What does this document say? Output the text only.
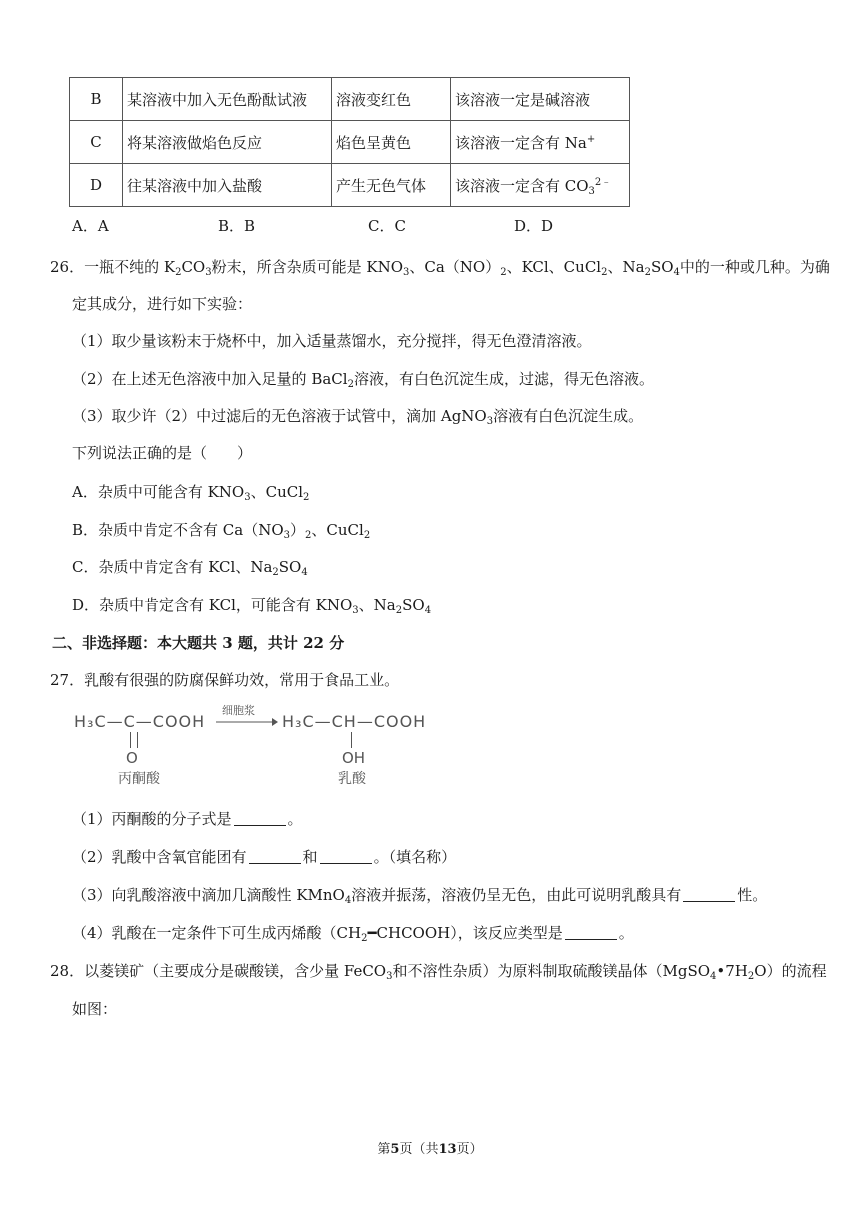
B	某溶液中加入无色酚酞试液	溶液变红色	该溶液一定是碱溶液
C	将某溶液做焰色反应	焰色呈黄色	该溶液一定含有 Na+
D	往某溶液中加入盐酸	产生无色气体	该溶液一定含有 $CO_3^{2﹣}$
A．A	B．B	C．C	D．D
26．一瓶不纯的 $K_2CO_3$粉末，所含杂质可能是 $KNO_3$、$Ca(NO)_2$、KCl、CuCl$_2$、$Na_2SO_4$中的一种或几种。为确
定其成分，进行如下实验：
（1）取少量该粉末于烧杯中，加入适量蒸馏水，充分搅拌，得无色澄清溶液。
（2）在上述无色溶液中加入足量的 BaCl$_2$溶液，有白色沉淀生成，过滤，得无色溶液。
（3）取少许（2）中过滤后的无色溶液于试管中，滴加 AgNO$_3$溶液有白色沉淀生成。
下列说法正确的是（　　）
A．杂质中可能含有 $KNO_3$、CuCl$_2$
B．杂质中肯定不含有 $Ca(NO_3)_2$、CuCl$_2$
C．杂质中肯定含有 KCl、$Na_2SO_4$
D．杂质中肯定含有 KCl，可能含有 $KNO_3$、$Na_2SO_4$
二、非选择题：本大题共 3 题，共计 22 分
27．乳酸有很强的防腐保鲜功效，常用于食品工业。
H₃C—C—COOH
O
丙酮酸
细胞浆
H₃C—CH—COOH
OH
乳酸
（1）丙酮酸的分子式是	。
（2）乳酸中含氧官能团有	和	。（填名称）
（3）向乳酸溶液中滴加几滴酸性 KMnO$_4$溶液并振荡，溶液仍呈无色，由此可说明乳酸具有	性。
（4）乳酸在一定条件下可生成丙烯酸$(CH_2━CHCOOH)$，该反应类型是	。
28．以菱镁矿（主要成分是碳酸镁，含少量 FeCO$_3$和不溶性杂质）为原料制取硫酸镁晶体$(MgSO_4•7H_2O)$的流程
如图：
第5页（共13页）
